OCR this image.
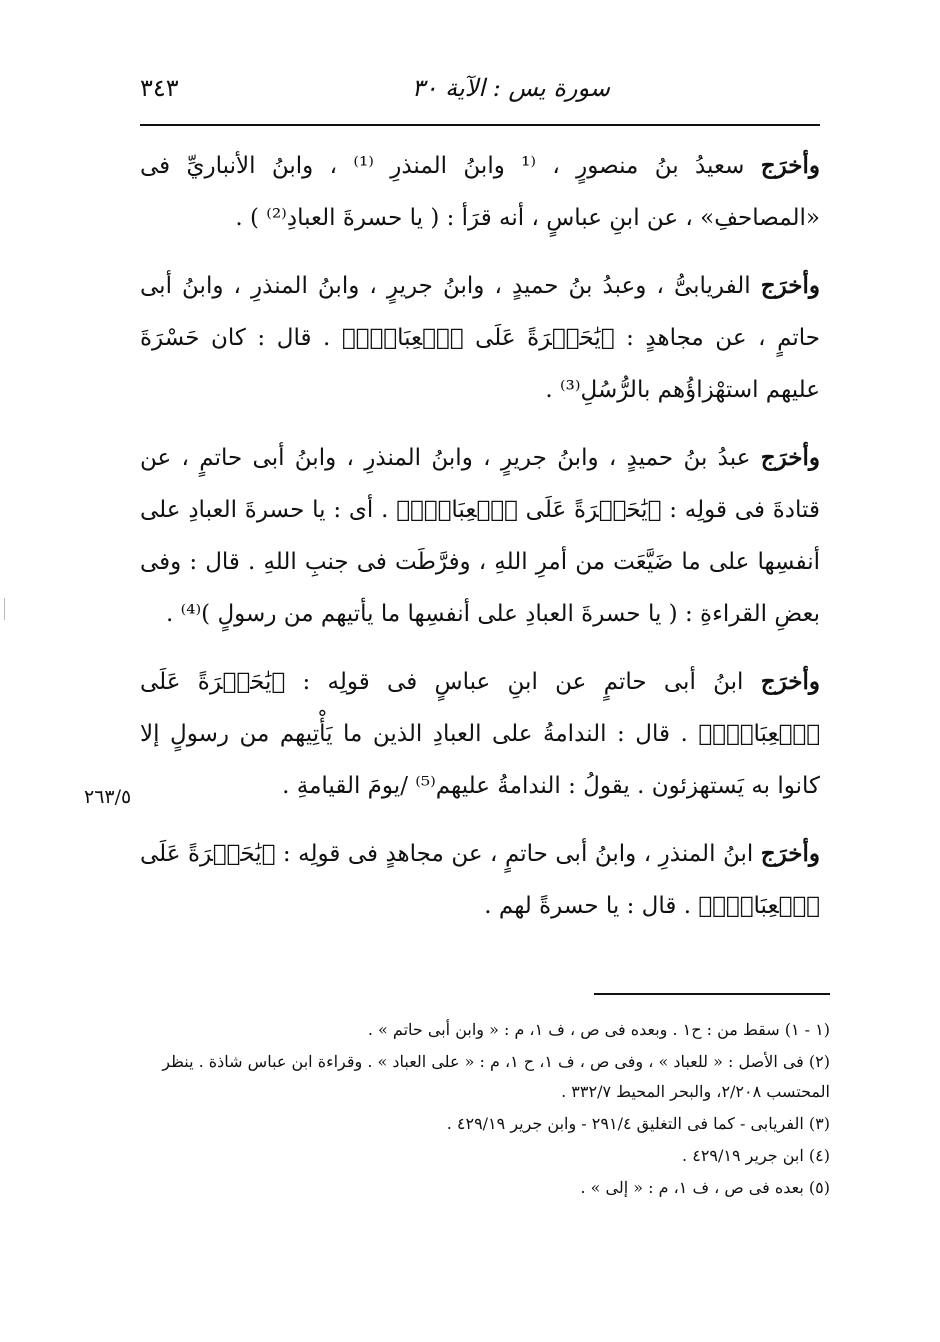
سورة يس : الآية ٣٠
٣٤٣

وأخرَج سعيدُ بنُ منصورٍ ، ⁽¹ وابنُ المنذرِ ⁽¹⁾ ، وابنُ الأنباريِّ فى «المصاحفِ» ، عن ابنِ عباسٍ ، أنه قرَأ : ( يا حسرةَ العبادِ⁽²⁾ ) .

وأخرَج الفريابىُّ ، وعبدُ بنُ حميدٍ ، وابنُ جريرٍ ، وابنُ المنذرِ ، وابنُ أبى حاتمٍ ، عن مجاهدٍ : ﴿يَٰحَسۡرَةً عَلَى ٱلۡعِبَادِۚ﴾ . قال : كان حَسْرَةَ عليهم استهْزاؤُهم بالرُّسُلِ⁽³⁾ .

وأخرَج عبدُ بنُ حميدٍ ، وابنُ جريرٍ ، وابنُ المنذرِ ، وابنُ أبى حاتمٍ ، عن قتادةَ فى قولِه : ﴿يَٰحَسۡرَةً عَلَى ٱلۡعِبَادِۚ﴾ . أى : يا حسرةَ العبادِ على أنفسِها على ما ضَيَّعَت من أمرِ اللهِ ، وفرَّطَت فى جنبِ اللهِ . قال : وفى بعضِ القراءةِ : ( يا حسرةَ العبادِ على أنفسِها ما يأتيهم من رسولٍ )⁽⁴⁾ .

وأخرَج ابنُ أبى حاتمٍ عن ابنِ عباسٍ فى قولِه : ﴿يَٰحَسۡرَةً عَلَى ٱلۡعِبَادِۚ﴾ . قال : الندامةُ على العبادِ الذين ما يَأْتِيهم من رسولٍ إلا كانوا به يَستهزئون . يقولُ : الندامةُ عليهم⁽⁵⁾ /يومَ القيامةِ .

وأخرَج ابنُ المنذرِ ، وابنُ أبى حاتمٍ ، عن مجاهدٍ فى قولِه : ﴿يَٰحَسۡرَةً عَلَى ٱلۡعِبَادِۚ﴾ . قال : يا حسرةً لهم .

٢٦٣/٥

(١ - ١) سقط من : ح١ . وبعده فى ص ، ف ١، م : « وابن أبى حاتم » .

(٢) فى الأصل : « للعباد » ، وفى ص ، ف ١، ح ١، م : « على العباد » . وقراءة ابن عباس شاذة . ينظر المحتسب ٢/٢٠٨، والبحر المحيط ٣٣٢/٧ .

(٣) الفريابى - كما فى التغليق ٢٩١/٤ - وابن جرير ٤٢٩/١٩ .

(٤) ابن جرير ٤٢٩/١٩ .

(٥) بعده فى ص ، ف ١، م : « إلى » .
